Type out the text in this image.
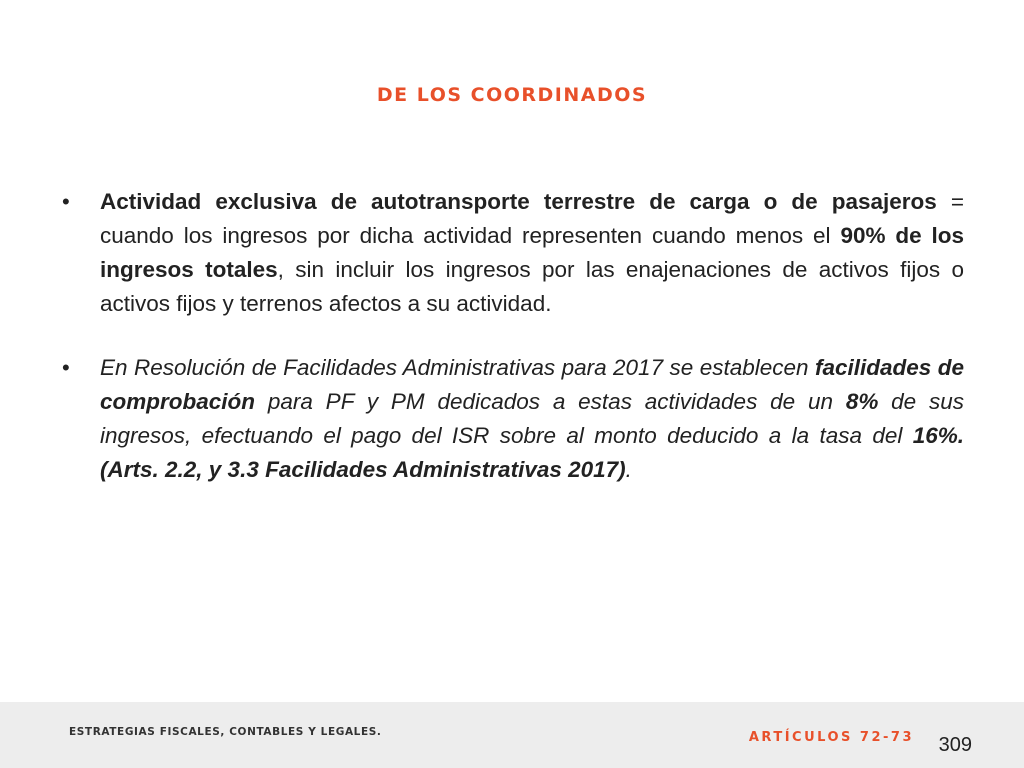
DE LOS COORDINADOS
• Actividad exclusiva de autotransporte terrestre de carga o de pasajeros = cuando los ingresos por dicha actividad representen cuando menos el 90% de los ingresos totales, sin incluir los ingresos por las enajenaciones de activos fijos o activos fijos y terrenos afectos a su actividad.
• En Resolución de Facilidades Administrativas para 2017 se establecen facilidades de comprobación para PF y PM dedicados a estas actividades de un 8% de sus ingresos, efectuando el pago del ISR sobre al monto deducido a la tasa del 16%. (Arts. 2.2, y 3.3 Facilidades Administrativas 2017).
ESTRATEGIAS FISCALES, CONTABLES Y LEGALES.	ARTÍCULOS 72-73 309
